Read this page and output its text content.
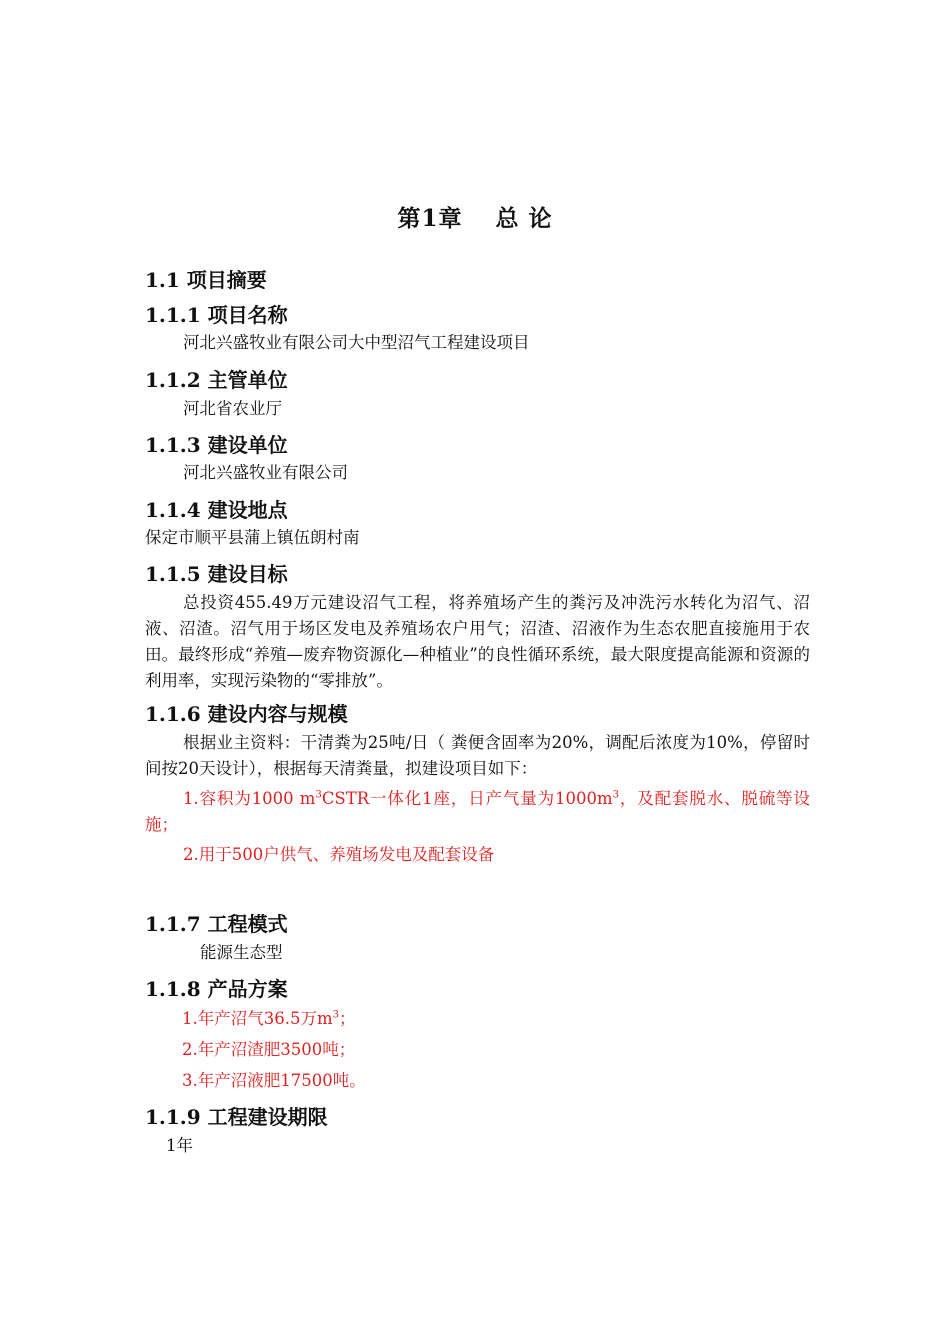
第1章　 总 论
1.1 项目摘要
1.1.1 项目名称
河北兴盛牧业有限公司大中型沼气工程建设项目
1.1.2 主管单位
河北省农业厅
1.1.3 建设单位
河北兴盛牧业有限公司
1.1.4 建设地点
保定市顺平县蒲上镇伍朗村南
1.1.5 建设目标
总投资455.49万元建设沼气工程，将养殖场产生的粪污及冲洗污水转化为沼气、沼液、沼渣。沼气用于场区发电及养殖场农户用气；沼渣、沼液作为生态农肥直接施用于农田。最终形成“养殖—废弃物资源化—种植业”的良性循环系统，最大限度提高能源和资源的利用率，实现污染物的“零排放”。
1.1.6 建设内容与规模
根据业主资料：干清粪为25吨/日（ 粪便含固率为20%，调配后浓度为10%，停留时间按20天设计），根据每天清粪量，拟建设项目如下：
1.容积为1000 $m^3CSTR$一体化1座，日产气量为$1000m^3$，及配套脱水、脱硫等设施；
2.用于500户供气、养殖场发电及配套设备
1.1.7 工程模式
能源生态型
1.1.8 产品方案
1.年产沼气36.5万$m^3$；
2.年产沼渣肥3500吨；
3.年产沼液肥17500吨。
1.1.9 工程建设期限
1年
